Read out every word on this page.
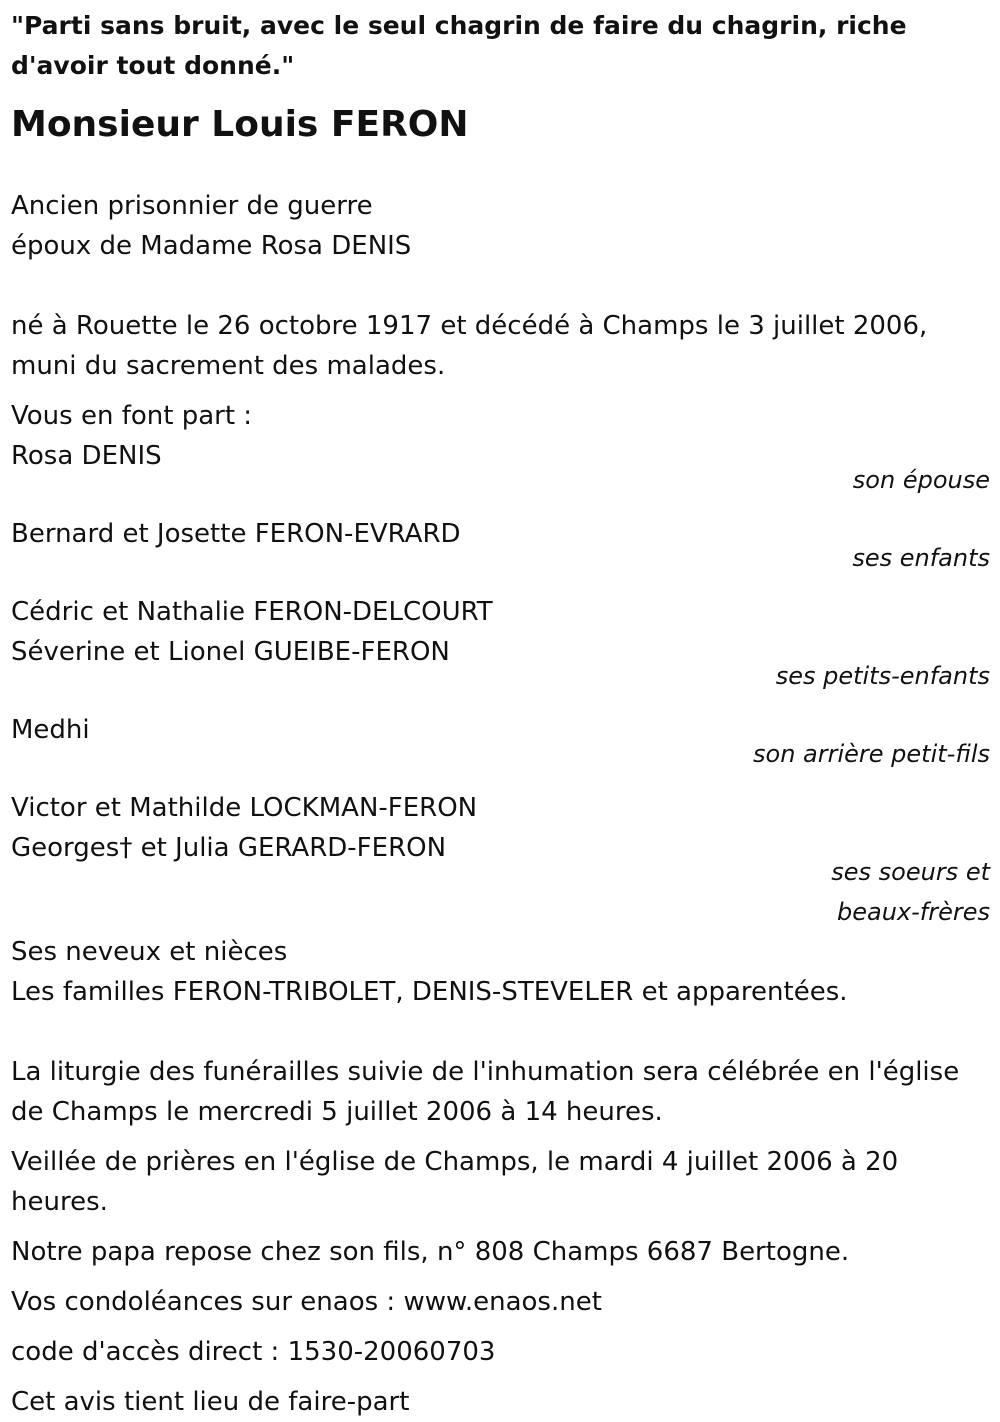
"Parti sans bruit, avec le seul chagrin de faire du chagrin, riche d'avoir tout donné."

Monsieur Louis FERON
Ancien prisonnier de guerre
époux de Madame Rosa DENIS
né à Rouette le 26 octobre 1917 et décédé à Champs le 3 juillet 2006, muni du sacrement des malades.
Vous en font part :
Rosa DENIS
son épouse
Bernard et Josette FERON-EVRARD
ses enfants
Cédric et Nathalie FERON-DELCOURT
Séverine et Lionel GUEIBE-FERON
ses petits-enfants
Medhi
son arrière petit-fils
Victor et Mathilde LOCKMAN-FERON
Georges† et Julia GERARD-FERON
ses soeurs et
beaux-frères
Ses neveux et nièces
Les familles FERON-TRIBOLET, DENIS-STEVELER et apparentées.
La liturgie des funérailles suivie de l'inhumation sera célébrée en l'église de Champs le mercredi 5 juillet 2006 à 14 heures.
Veillée de prières en l'église de Champs, le mardi 4 juillet 2006 à 20 heures.
Notre papa repose chez son fils, n° 808 Champs 6687 Bertogne.
Vos condoléances sur enaos : www.enaos.net
code d'accès direct : 1530-20060703
Cet avis tient lieu de faire-part
